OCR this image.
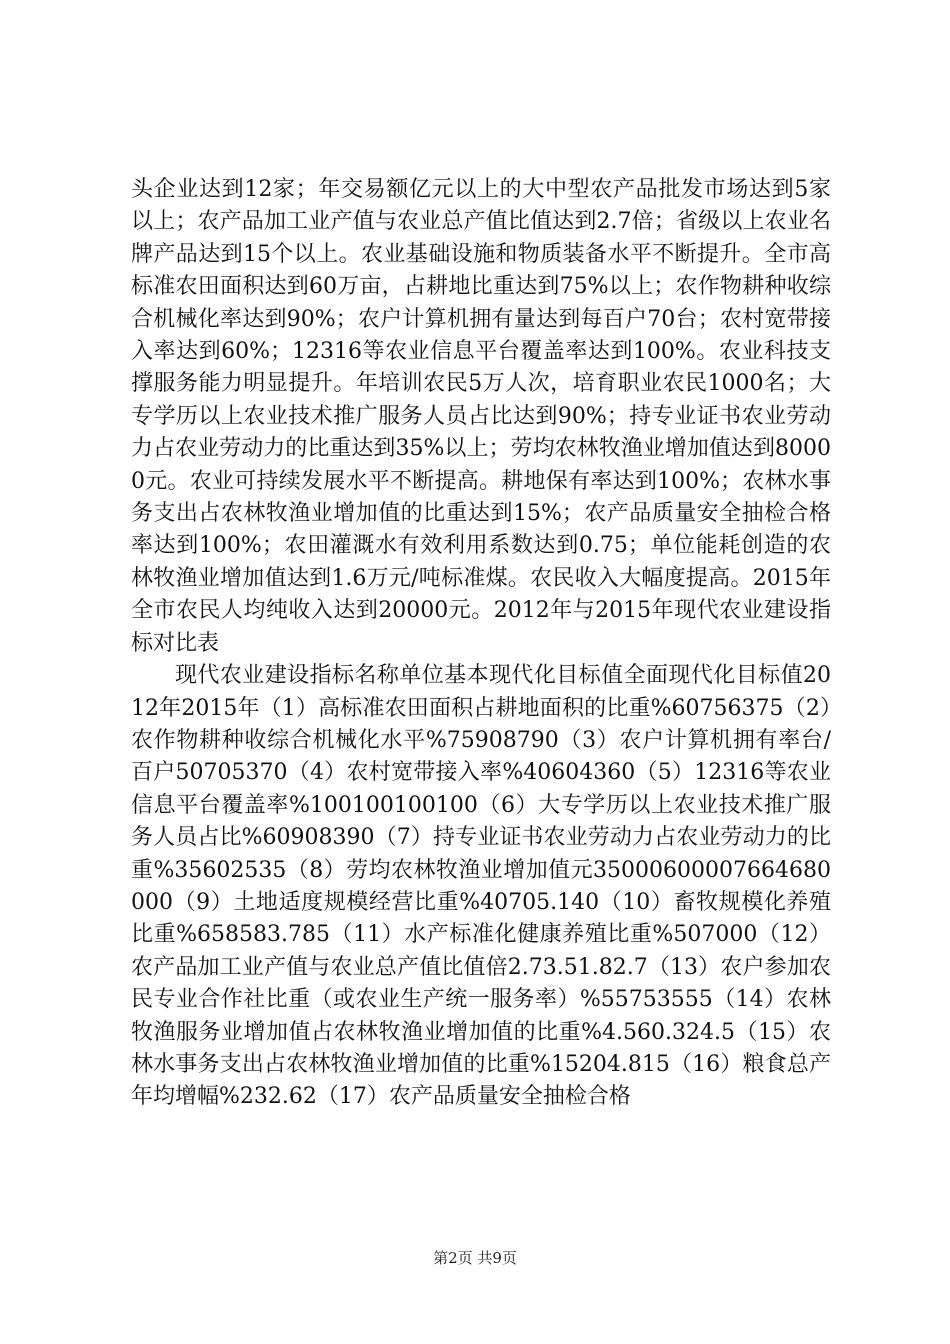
头企业达到12家；年交易额亿元以上的大中型农产品批发市场达到5家以上；农产品加工业产值与农业总产值比值达到2.7倍；省级以上农业名牌产品达到15个以上。农业基础设施和物质装备水平不断提升。全市高标准农田面积达到60万亩，占耕地比重达到75%以上；农作物耕种收综合机械化率达到90%；农户计算机拥有量达到每百户70台；农村宽带接入率达到60%；12316等农业信息平台覆盖率达到100%。农业科技支撑服务能力明显提升。年培训农民5万人次，培育职业农民1000名；大专学历以上农业技术推广服务人员占比达到90%；持专业证书农业劳动力占农业劳动力的比重达到35%以上；劳均农林牧渔业增加值达到80000元。农业可持续发展水平不断提高。耕地保有率达到100%；农林水事务支出占农林牧渔业增加值的比重达到15%；农产品质量安全抽检合格率达到100%；农田灌溉水有效利用系数达到0.75；单位能耗创造的农林牧渔业增加值达到1.6万元/吨标准煤。农民收入大幅度提高。2015年全市农民人均纯收入达到20000元。2012年与2015年现代农业建设指标对比表

现代农业建设指标名称单位基本现代化目标值全面现代化目标值2012年2015年（1）高标准农田面积占耕地面积的比重%60756375（2）农作物耕种收综合机械化水平%75908790（3）农户计算机拥有率台/百户50705370（4）农村宽带接入率%40604360（5）12316等农业信息平台覆盖率%100100100100（6）大专学历以上农业技术推广服务人员占比%60908390（7）持专业证书农业劳动力占农业劳动力的比重%35602535（8）劳均农林牧渔业增加值元35000600007664680000（9）土地适度规模经营比重%40705.140（10）畜牧规模化养殖比重%658583.785（11）水产标准化健康养殖比重%507000（12）农产品加工业产值与农业总产值比值倍2.73.51.82.7（13）农户参加农民专业合作社比重（或农业生产统一服务率）%55753555（14）农林牧渔服务业增加值占农林牧渔业增加值的比重%4.560.324.5（15）农林水事务支出占农林牧渔业增加值的比重%15204.815（16）粮食总产年均增幅%232.62（17）农产品质量安全抽检合格

第2页 共9页
